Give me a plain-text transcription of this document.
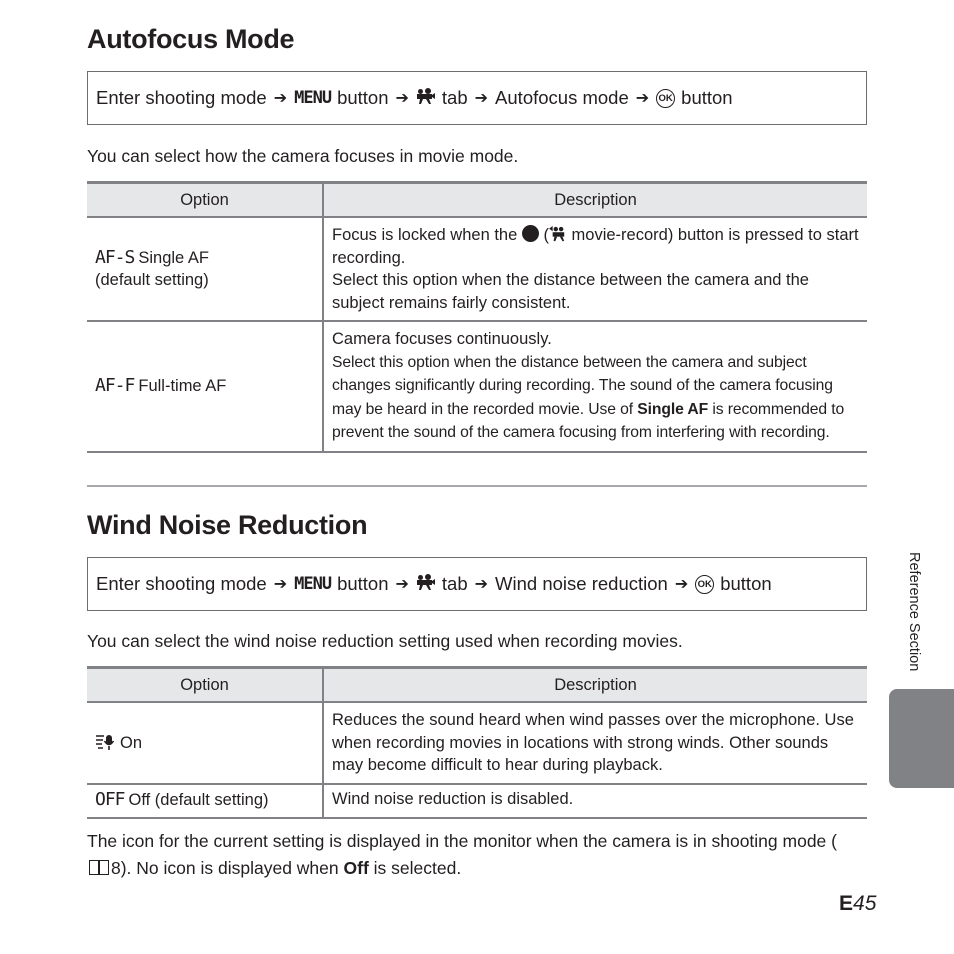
Autofocus Mode
Enter shooting mode ➔ MENU button ➔ tab ➔ Autofocus mode ➔ OK button
You can select how the camera focuses in movie mode.
Option	Description
AF-S Single AF
(default setting)	Focus is locked when the ( movie-record) button is pressed to start recording.
Select this option when the distance between the camera and the subject remains fairly consistent.
AF-F Full-time AF	Camera focuses continuously.
Select this option when the distance between the camera and subject changes significantly during recording. The sound of the camera focusing may be heard in the recorded movie. Use of Single AF is recommended to prevent the sound of the camera focusing from interfering with recording.
Wind Noise Reduction
Enter shooting mode ➔ MENU button ➔ tab ➔ Wind noise reduction ➔ OK button
You can select the wind noise reduction setting used when recording movies.
Option	Description
On	Reduces the sound heard when wind passes over the microphone. Use when recording movies in locations with strong winds. Other sounds may become difficult to hear during playback.
OFF Off (default setting)	Wind noise reduction is disabled.
The icon for the current setting is displayed in the monitor when the camera is in shooting mode (8). No icon is displayed when Off is selected.
Reference Section
E45
